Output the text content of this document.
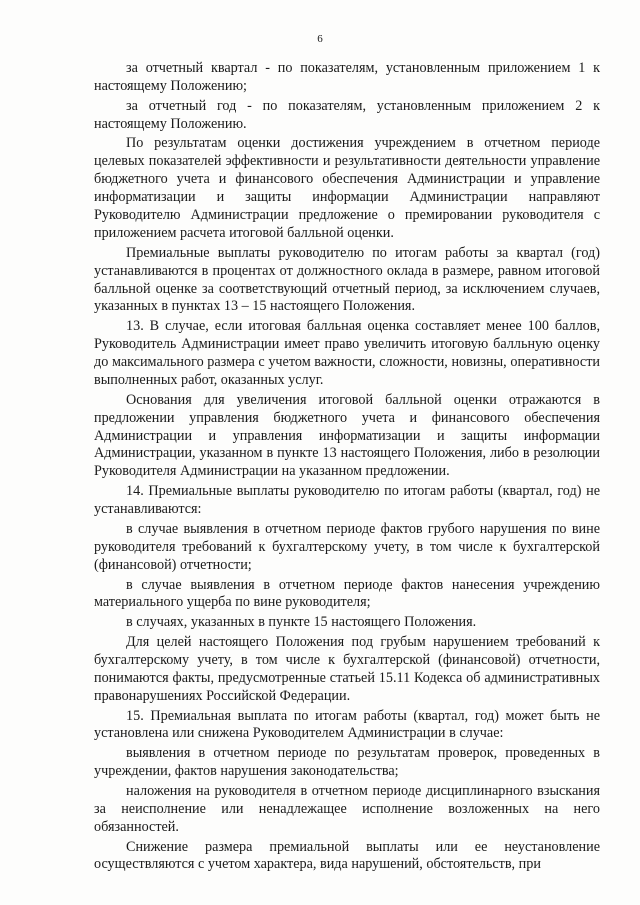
6

за отчетный квартал - по показателям, установленным приложением 1 к настоящему Положению;

за отчетный год - по показателям, установленным приложением 2 к настоящему Положению.

По результатам оценки достижения учреждением в отчетном периоде целевых показателей эффективности и результативности деятельности управление бюджетного учета и финансового обеспечения Администрации и управление информатизации и защиты информации Администрации направляют Руководителю Администрации предложение о премировании руководителя с приложением расчета итоговой балльной оценки.

Премиальные выплаты руководителю по итогам работы за квартал (год) устанавливаются в процентах от должностного оклада в размере, равном итоговой балльной оценке за соответствующий отчетный период, за исключением случаев, указанных в пунктах 13 – 15 настоящего Положения.

13. В случае, если итоговая балльная оценка составляет менее 100 баллов, Руководитель Администрации имеет право увеличить итоговую балльную оценку до максимального размера с учетом важности, сложности, новизны, оперативности выполненных работ, оказанных услуг.

Основания для увеличения итоговой балльной оценки отражаются в предложении управления бюджетного учета и финансового обеспечения Администрации и управления информатизации и защиты информации Администрации, указанном в пункте 13 настоящего Положения, либо в резолюции Руководителя Администрации на указанном предложении.

14. Премиальные выплаты руководителю по итогам работы (квартал, год) не устанавливаются:

в случае выявления в отчетном периоде фактов грубого нарушения по вине руководителя требований к бухгалтерскому учету, в том числе к бухгалтерской (финансовой) отчетности;

в случае выявления в отчетном периоде фактов нанесения учреждению материального ущерба по вине руководителя;

в случаях, указанных в пункте 15 настоящего Положения.

Для целей настоящего Положения под грубым нарушением требований к бухгалтерскому учету, в том числе к бухгалтерской (финансовой) отчетности, понимаются факты, предусмотренные статьей 15.11 Кодекса об административных правонарушениях Российской Федерации.

15. Премиальная выплата по итогам работы (квартал, год) может быть не установлена или снижена Руководителем Администрации в случае:

выявления в отчетном периоде по результатам проверок, проведенных в учреждении, фактов нарушения законодательства;

наложения на руководителя в отчетном периоде дисциплинарного взыскания за неисполнение или ненадлежащее исполнение возложенных на него обязанностей.

Снижение размера премиальной выплаты или ее неустановление осуществляются с учетом характера, вида нарушений, обстоятельств, при
